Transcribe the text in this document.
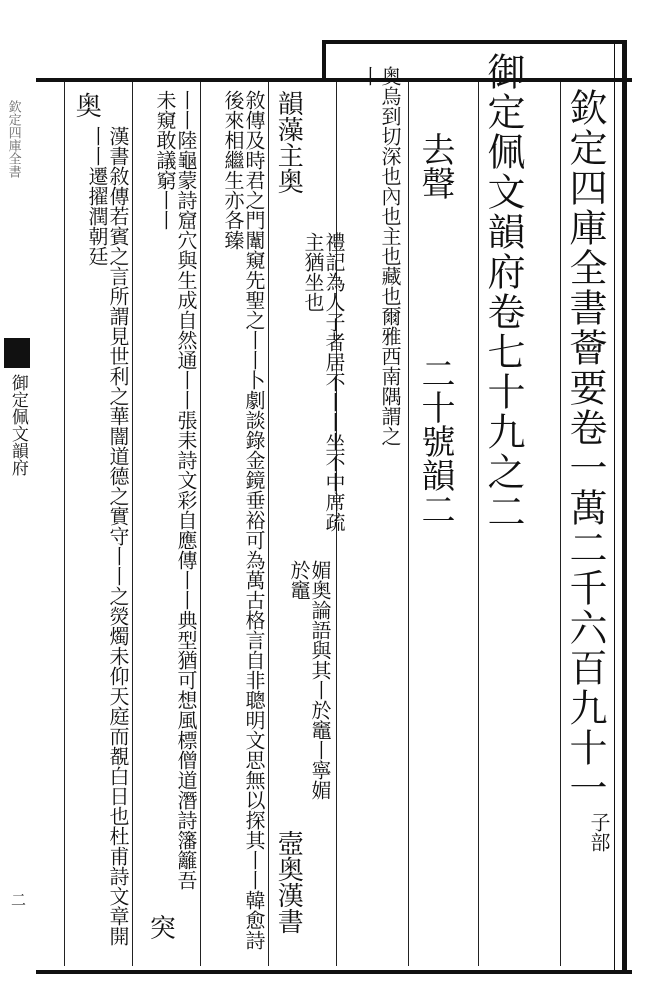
欽定四庫全書薈要卷一萬二千六百九十一
子部
御定佩文韻府卷七十九之二
去聲
二十號韻二
奥烏到切深也內也主也藏也爾雅西南隅謂之丨
韻藻主奥
禮記為人子者居不丨丨坐不中席疏主猶坐也
媚奥論語與其丨於竈丨寧媚於竈
壼奥漢書
敘傳及時君之門闈窺先聖之丨丨卜劇談錄金鏡垂裕可為萬古格言自非聰明文思無以探其丨丨韓愈詩後來相繼生亦各臻
丨丨陸龜蒙詩窟穴與生成自然通丨丨張耒詩文彩自應傳丨丨典型猶可想風標僧道潛詩籓籬吾未窺敢議窮丨丨
突
奥
漢書敘傳若賓之言所謂見世利之華闇道德之實守丨丨之熒燭未仰天庭而覩白日也杜甫詩文章開丨丨遷擢潤朝廷
欽定四庫全書
御定佩文韻府
二
